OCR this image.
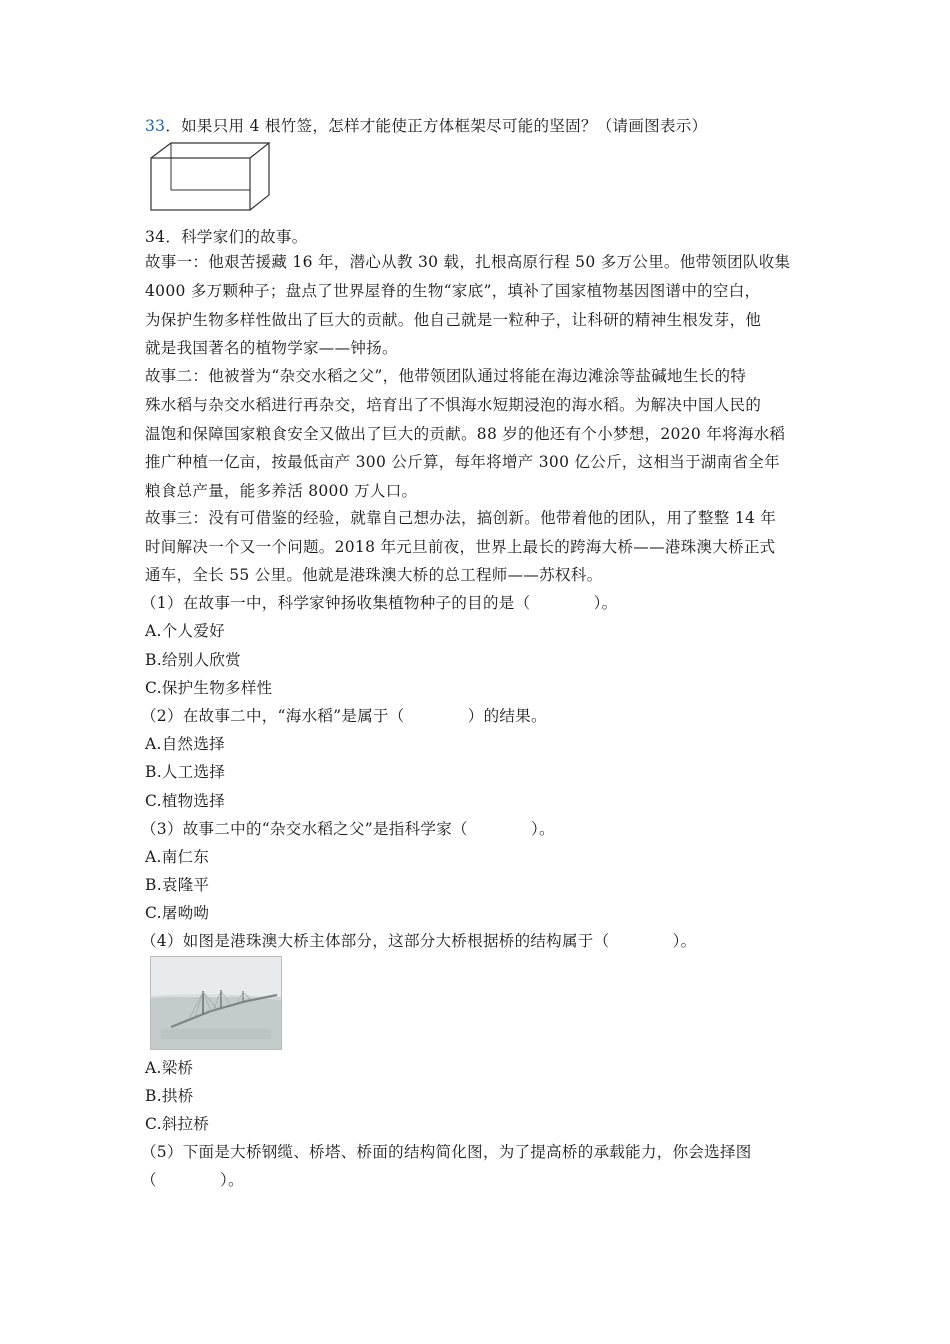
33．如果只用 4 根竹签，怎样才能使正方体框架尽可能的坚固？（请画图表示）
34．科学家们的故事。
故事一：他艰苦援藏 16 年，潜心从教 30 载，扎根高原行程 50 多万公里。他带领团队收集
4000 多万颗种子；盘点了世界屋脊的生物“家底”，填补了国家植物基因图谱中的空白，
为保护生物多样性做出了巨大的贡献。他自己就是一粒种子，让科研的精神生根发芽，他
就是我国著名的植物学家——钟扬。
故事二：他被誉为“杂交水稻之父”，他带领团队通过将能在海边滩涂等盐碱地生长的特
殊水稻与杂交水稻进行再杂交，培育出了不惧海水短期浸泡的海水稻。为解决中国人民的
温饱和保障国家粮食安全又做出了巨大的贡献。88 岁的他还有个小梦想，2020 年将海水稻
推广种植一亿亩，按最低亩产 300 公斤算，每年将增产 300 亿公斤，这相当于湖南省全年
粮食总产量，能多养活 8000 万人口。
故事三：没有可借鉴的经验，就靠自己想办法，搞创新。他带着他的团队，用了整整 14 年
时间解决一个又一个问题。2018 年元旦前夜，世界上最长的跨海大桥——港珠澳大桥正式
通车，全长 55 公里。他就是港珠澳大桥的总工程师——苏权科。
（1）在故事一中，科学家钟扬收集植物种子的目的是（　　　　）。
A.个人爱好
B.给别人欣赏
C.保护生物多样性
（2）在故事二中，“海水稻”是属于（　　　　）的结果。
A.自然选择
B.人工选择
C.植物选择
（3）故事二中的“杂交水稻之父”是指科学家（　　　　）。
A.南仁东
B.袁隆平
C.屠呦呦
（4）如图是港珠澳大桥主体部分，这部分大桥根据桥的结构属于（　　　　）。
A.梁桥
B.拱桥
C.斜拉桥
（5）下面是大桥钢缆、桥塔、桥面的结构简化图，为了提高桥的承载能力，你会选择图
（　　　　）。
